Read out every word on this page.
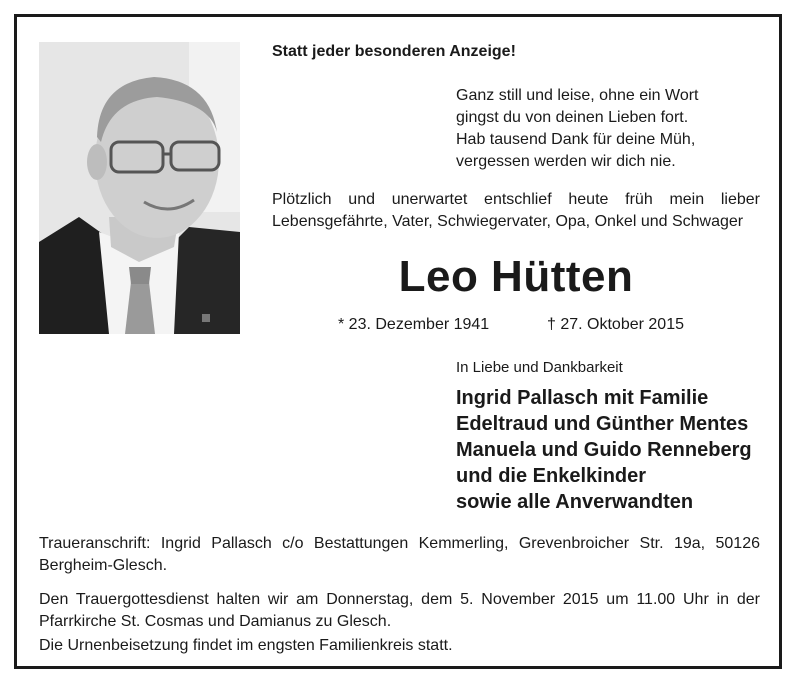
Statt jeder besonderen Anzeige!
Ganz still und leise, ohne ein Wort
gingst du von deinen Lieben fort.
Hab tausend Dank für deine Müh,
vergessen werden wir dich nie.
Plötzlich und unerwartet entschlief heute früh mein lieber Lebensgefährte, Vater, Schwiegervater, Opa, Onkel und Schwager
Leo Hütten
* 23. Dezember 1941	† 27. Oktober 2015
In Liebe und Dankbarkeit
Ingrid Pallasch mit Familie
Edeltraud und Günther Mentes
Manuela und Guido Renneberg
und die Enkelkinder
sowie alle Anverwandten
Traueranschrift: Ingrid Pallasch c/o Bestattungen Kemmerling, Grevenbroicher Str. 19a, 50126 Bergheim-Glesch.
Den Trauergottesdienst halten wir am Donnerstag, dem 5. November 2015 um 11.00 Uhr in der Pfarrkirche St. Cosmas und Damianus zu Glesch.
Die Urnenbeisetzung findet im engsten Familienkreis statt.
